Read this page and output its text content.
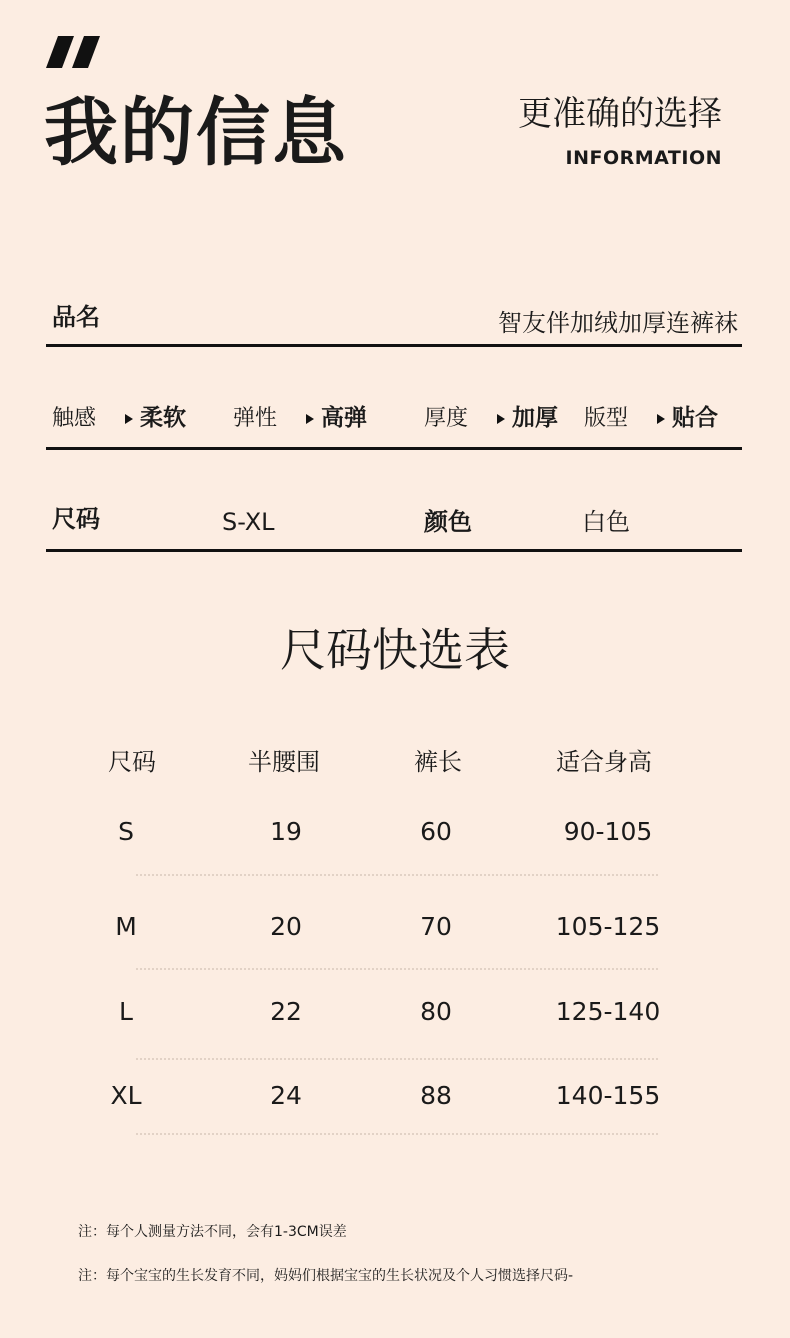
我的信息	更准确的选择
INFORMATION
品名	智友伴加绒加厚连裤袜
触感 柔软 弹性 高弹	厚度 加厚 版型 贴合
尺码	S-XL	颜色	白色
尺码快选表
尺码	半腰围	裤长	适合身高
S	19	60	90-105
M	20	70	105-125
L	22	80	125-140
XL	24	88	140-155
注：每个人测量方法不同，会有1-3CM误差
注：每个宝宝的生长发育不同，妈妈们根据宝宝的生长状况及个人习惯选择尺码-
